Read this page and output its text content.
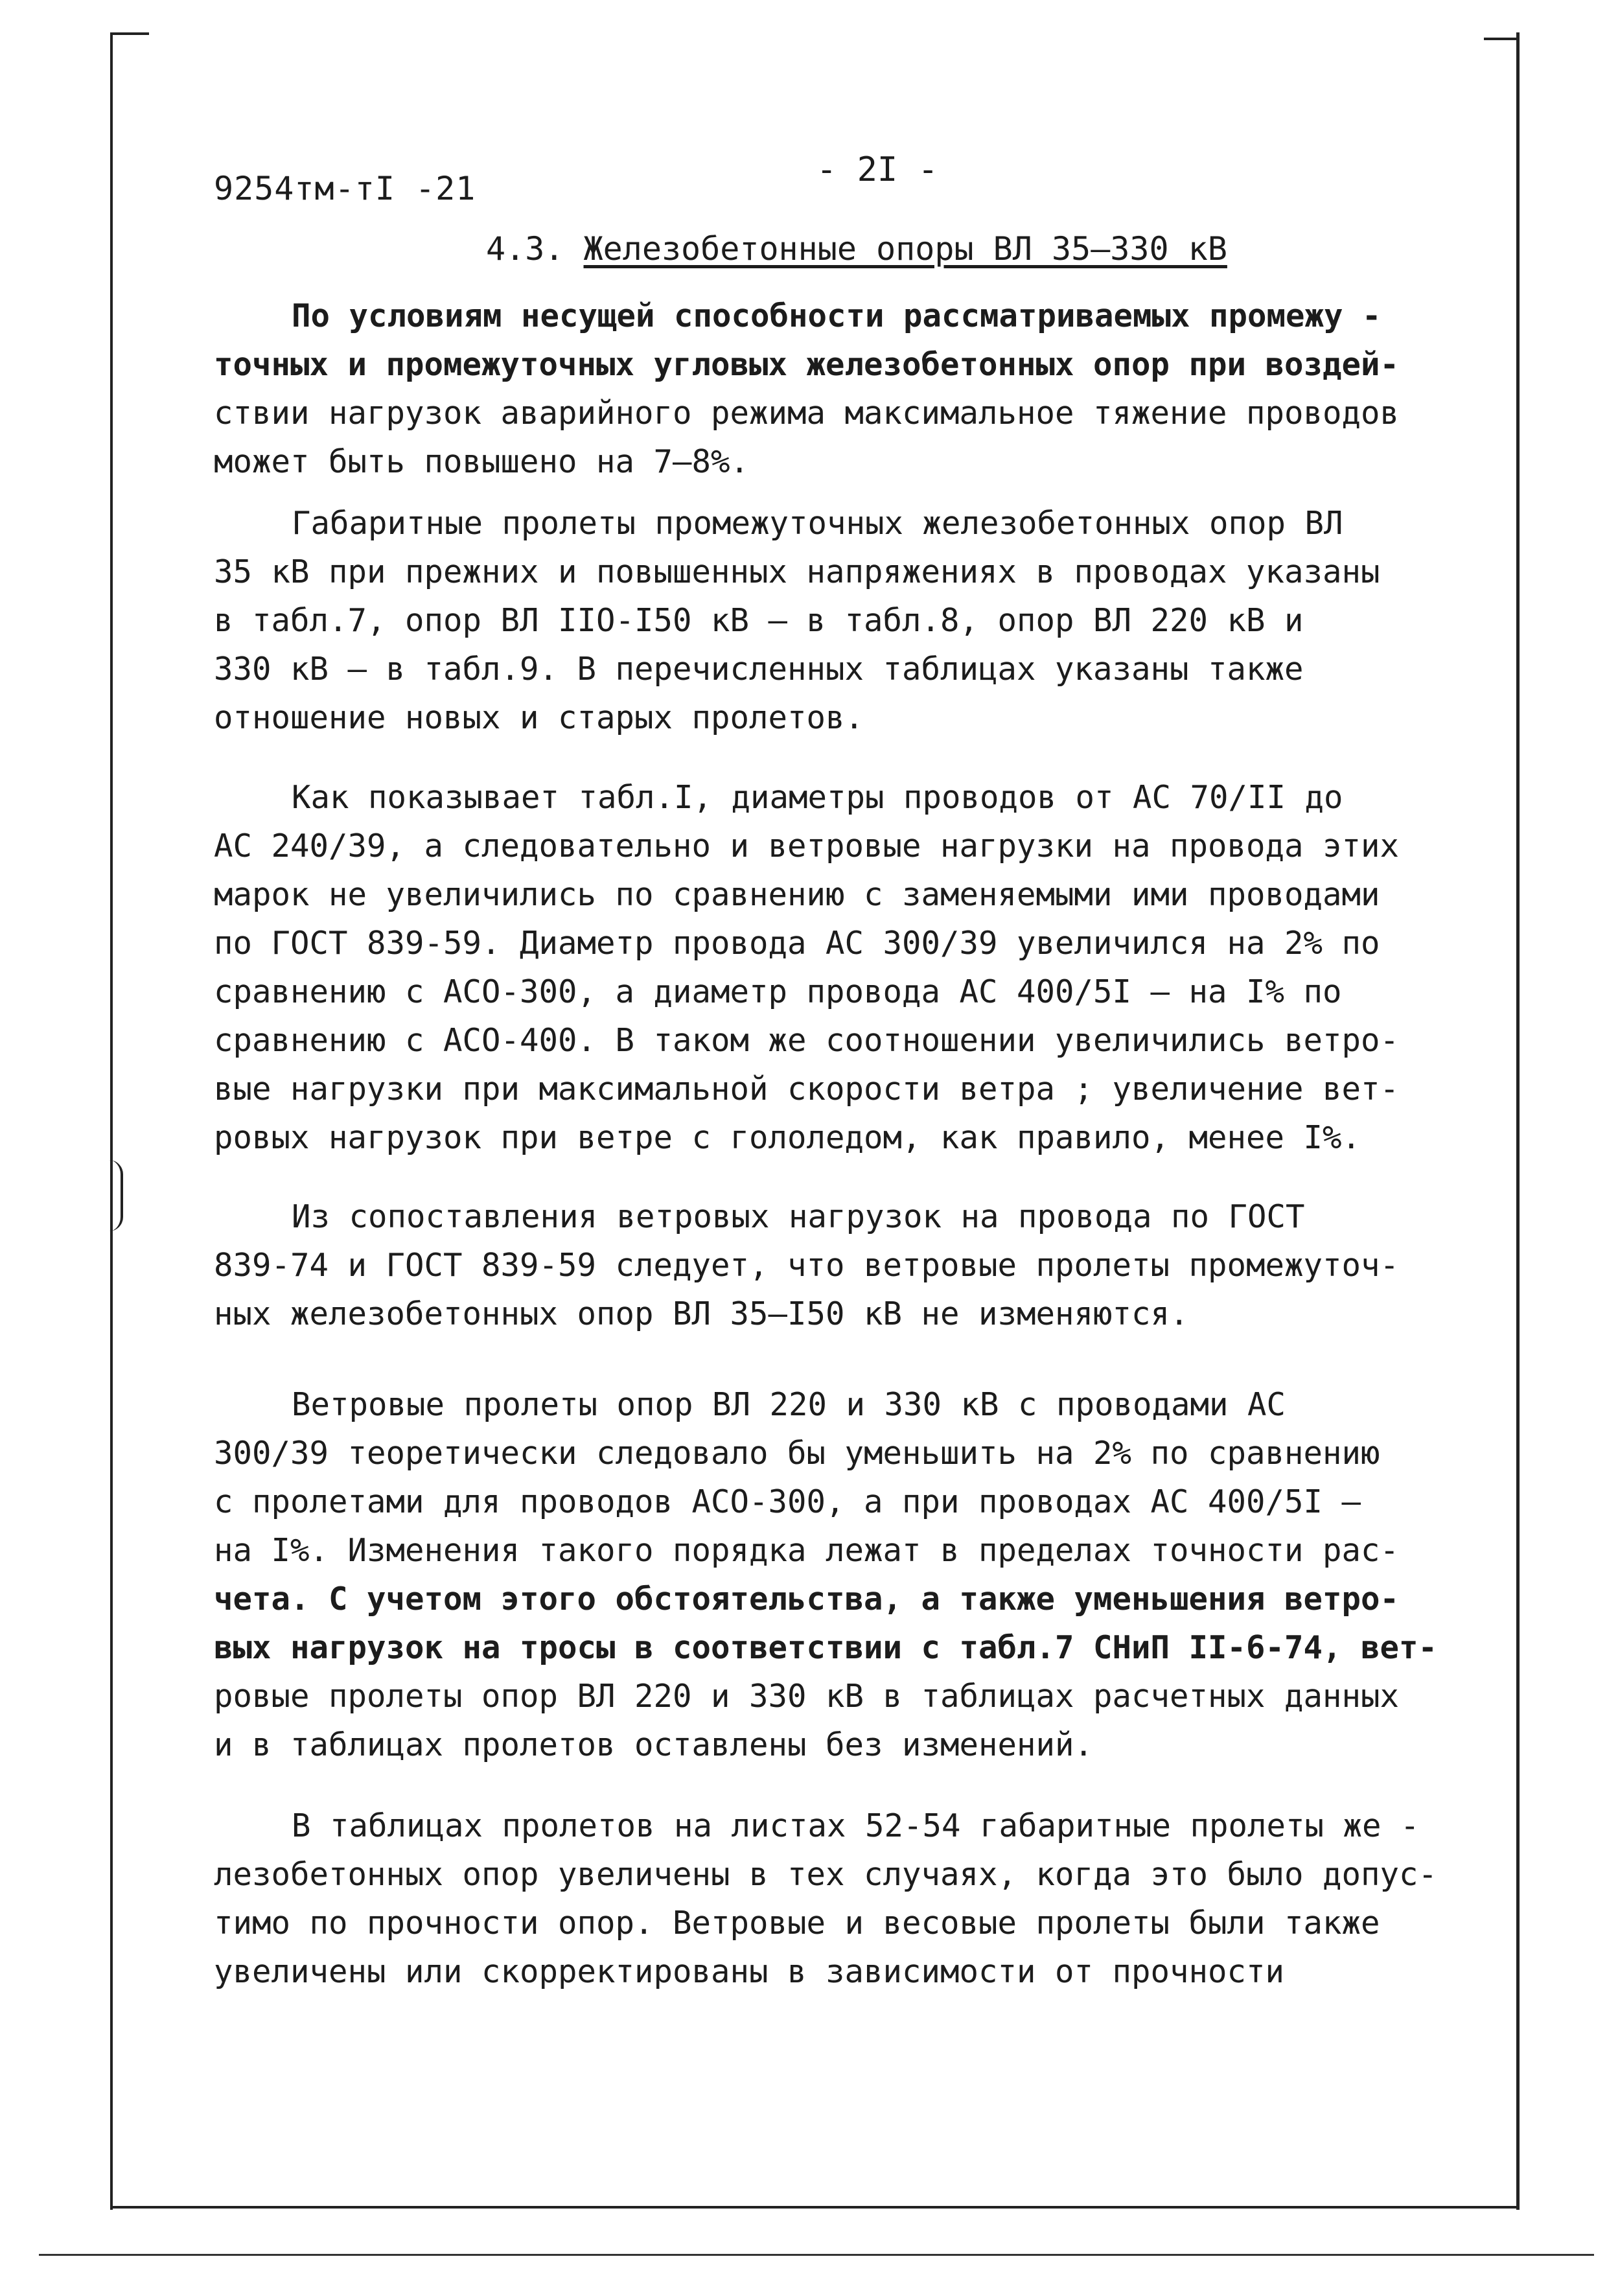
9254тм-тI -21	- 2I -
4.3. Железобетонные опоры ВЛ 35–330 кВ
По условиям несущей способности рассматриваемых промежу -
точных и промежуточных угловых железобетонных опор при воздей-
ствии нагрузок аварийного режима максимальное тяжение проводов
может быть повышено на 7–8%.
Габаритные пролеты промежуточных железобетонных опор ВЛ
35 кВ при прежних и повышенных напряжениях в проводах указаны
в табл.7, опор ВЛ IIО-I50 кВ – в табл.8, опор ВЛ 220 кВ и
330 кВ – в табл.9. В перечисленных таблицах указаны также
отношение новых и старых пролетов.
Как показывает табл.I, диаметры проводов от АС 70/II до
АС 240/39, а следовательно и ветровые нагрузки на провода этих
марок не увеличились по сравнению с заменяемыми ими проводами
по ГОСТ 839-59. Диаметр провода АС 300/39 увеличился на 2% по
сравнению с АСО-300, а диаметр провода АС 400/5I – на I% по
сравнению с АСО-400. В таком же соотношении увеличились ветро-
вые нагрузки при максимальной скорости ветра ; увеличение вет-
ровых нагрузок при ветре с гололедом, как правило, менее I%.
Из сопоставления ветровых нагрузок на провода по ГОСТ
839-74 и ГОСТ 839-59 следует, что ветровые пролеты промежуточ-
ных железобетонных опор ВЛ 35–I50 кВ не изменяются.
Ветровые пролеты опор ВЛ 220 и 330 кВ с проводами АС
300/39 теоретически следовало бы уменьшить на 2% по сравнению
с пролетами для проводов АСО-300, а при проводах АС 400/5I –
на I%. Изменения такого порядка лежат в пределах точности рас-
чета. С учетом этого обстоятельства, а также уменьшения ветро-
вых нагрузок на тросы в соответствии с табл.7 СНиП II-6-74, вет-
ровые пролеты опор ВЛ 220 и 330 кВ в таблицах расчетных данных
и в таблицах пролетов оставлены без изменений.
В таблицах пролетов на листах 52-54 габаритные пролеты же -
лезобетонных опор увеличены в тех случаях, когда это было допус-
тимо по прочности опор. Ветровые и весовые пролеты были также
увеличены или скорректированы в зависимости от прочности
